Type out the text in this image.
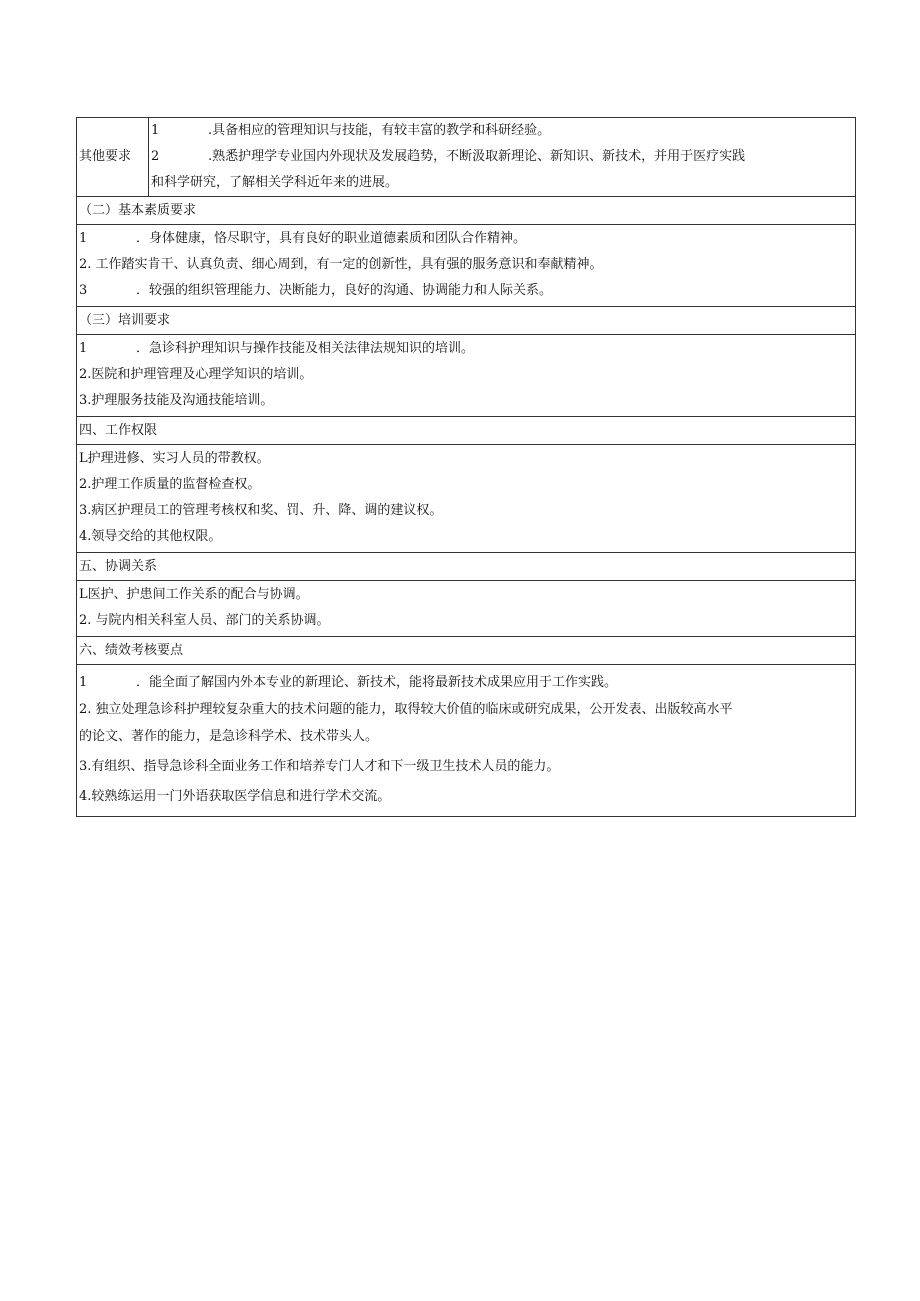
其他要求	
1	.具备相应的管理知识与技能，有较丰富的教学和科研经验。
2	.熟悉护理学专业国内外现状及发展趋势，不断汲取新理论、新知识、新技术，并用于医疗实践
和科学研究，了解相关学科近年来的进展。

（二）基本素质要求

1	．身体健康，恪尽职守，具有良好的职业道德素质和团队合作精神。
2. 工作踏实肯干、认真负责、细心周到，有一定的创新性，具有强的服务意识和奉献精神。
3	．较强的组织管理能力、决断能力，良好的沟通、协调能力和人际关系。

（三）培训要求

1	．急诊科护理知识与操作技能及相关法律法规知识的培训。
2.医院和护理管理及心理学知识的培训。
3.护理服务技能及沟通技能培训。

四、工作权限

L护理进修、实习人员的带教权。
2.护理工作质量的监督检查权。
3.病区护理员工的管理考核权和奖、罚、升、降、调的建议权。
4.领导交给的其他权限。

五、协调关系

L医护、护患间工作关系的配合与协调。
2. 与院内相关科室人员、部门的关系协调。

六、绩效考核要点

1	．能全面了解国内外本专业的新理论、新技术，能将最新技术成果应用于工作实践。
2. 独立处理急诊科护理较复杂重大的技术问题的能力，取得较大价值的临床或研究成果，公开发表、出版较高水平
的论文、著作的能力，是急诊科学术、技术带头人。
3.有组织、指导急诊科全面业务工作和培养专门人才和下一级卫生技术人员的能力。
4.较熟练运用一门外语获取医学信息和进行学术交流。
